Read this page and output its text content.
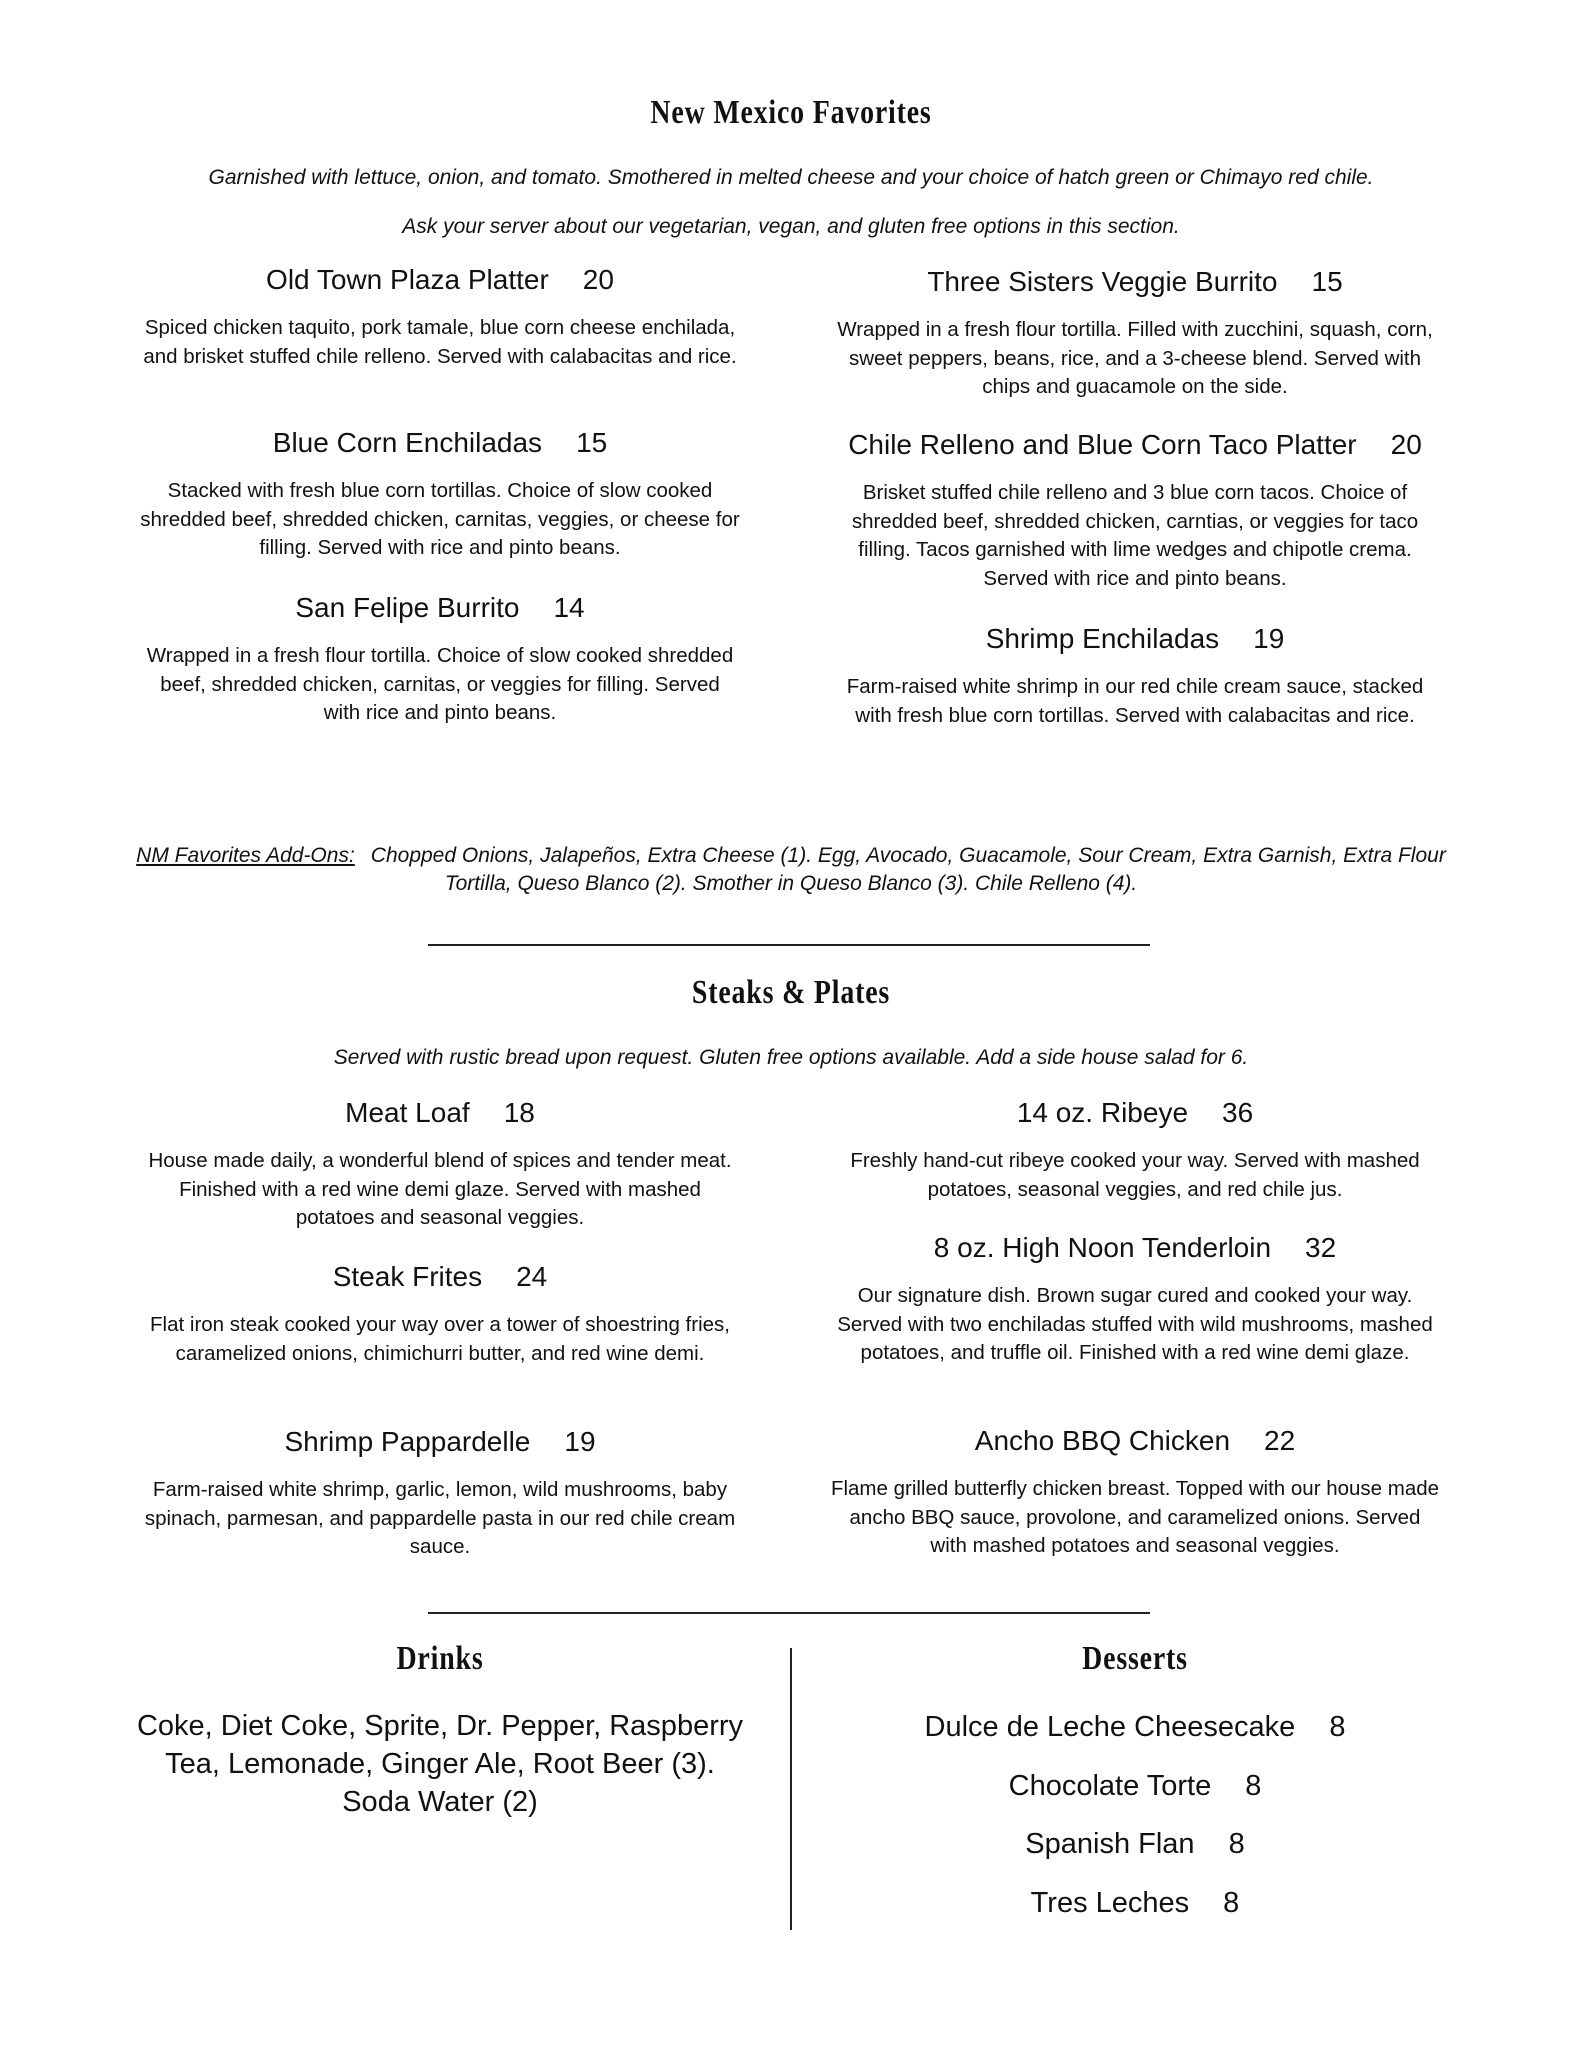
New Mexico Favorites
Garnished with lettuce, onion, and tomato. Smothered in melted cheese and your choice of hatch green or Chimayo red chile.
Ask your server about our vegetarian, vegan, and gluten free options in this section.
Old Town Plaza Platter 20
Spiced chicken taquito, pork tamale, blue corn cheese enchilada, and brisket stuffed chile relleno. Served with calabacitas and rice.
Blue Corn Enchiladas 15
Stacked with fresh blue corn tortillas. Choice of slow cooked shredded beef, shredded chicken, carnitas, veggies, or cheese for filling. Served with rice and pinto beans.
San Felipe Burrito 14
Wrapped in a fresh flour tortilla. Choice of slow cooked shredded beef, shredded chicken, carnitas, or veggies for filling. Served with rice and pinto beans.
Three Sisters Veggie Burrito 15
Wrapped in a fresh flour tortilla. Filled with zucchini, squash, corn, sweet peppers, beans, rice, and a 3-cheese blend. Served with chips and guacamole on the side.
Chile Relleno and Blue Corn Taco Platter 20
Brisket stuffed chile relleno and 3 blue corn tacos. Choice of shredded beef, shredded chicken, carntias, or veggies for taco filling. Tacos garnished with lime wedges and chipotle crema. Served with rice and pinto beans.
Shrimp Enchiladas 19
Farm-raised white shrimp in our red chile cream sauce, stacked with fresh blue corn tortillas. Served with calabacitas and rice.
NM Favorites Add-Ons: Chopped Onions, Jalapeños, Extra Cheese (1). Egg, Avocado, Guacamole, Sour Cream, Extra Garnish, Extra Flour Tortilla, Queso Blanco (2). Smother in Queso Blanco (3). Chile Relleno (4).
Steaks & Plates
Served with rustic bread upon request. Gluten free options available. Add a side house salad for 6.
Meat Loaf 18
House made daily, a wonderful blend of spices and tender meat. Finished with a red wine demi glaze. Served with mashed potatoes and seasonal veggies.
Steak Frites 24
Flat iron steak cooked your way over a tower of shoestring fries, caramelized onions, chimichurri butter, and red wine demi.
Shrimp Pappardelle 19
Farm-raised white shrimp, garlic, lemon, wild mushrooms, baby spinach, parmesan, and pappardelle pasta in our red chile cream sauce.
14 oz. Ribeye 36
Freshly hand-cut ribeye cooked your way. Served with mashed potatoes, seasonal veggies, and red chile jus.
8 oz. High Noon Tenderloin 32
Our signature dish. Brown sugar cured and cooked your way. Served with two enchiladas stuffed with wild mushrooms, mashed potatoes, and truffle oil. Finished with a red wine demi glaze.
Ancho BBQ Chicken 22
Flame grilled butterfly chicken breast. Topped with our house made ancho BBQ sauce, provolone, and caramelized onions. Served with mashed potatoes and seasonal veggies.
Drinks
Coke, Diet Coke, Sprite, Dr. Pepper, Raspberry Tea, Lemonade, Ginger Ale, Root Beer (3). Soda Water (2)
Desserts
Dulce de Leche Cheesecake 8
Chocolate Torte 8
Spanish Flan 8
Tres Leches 8
